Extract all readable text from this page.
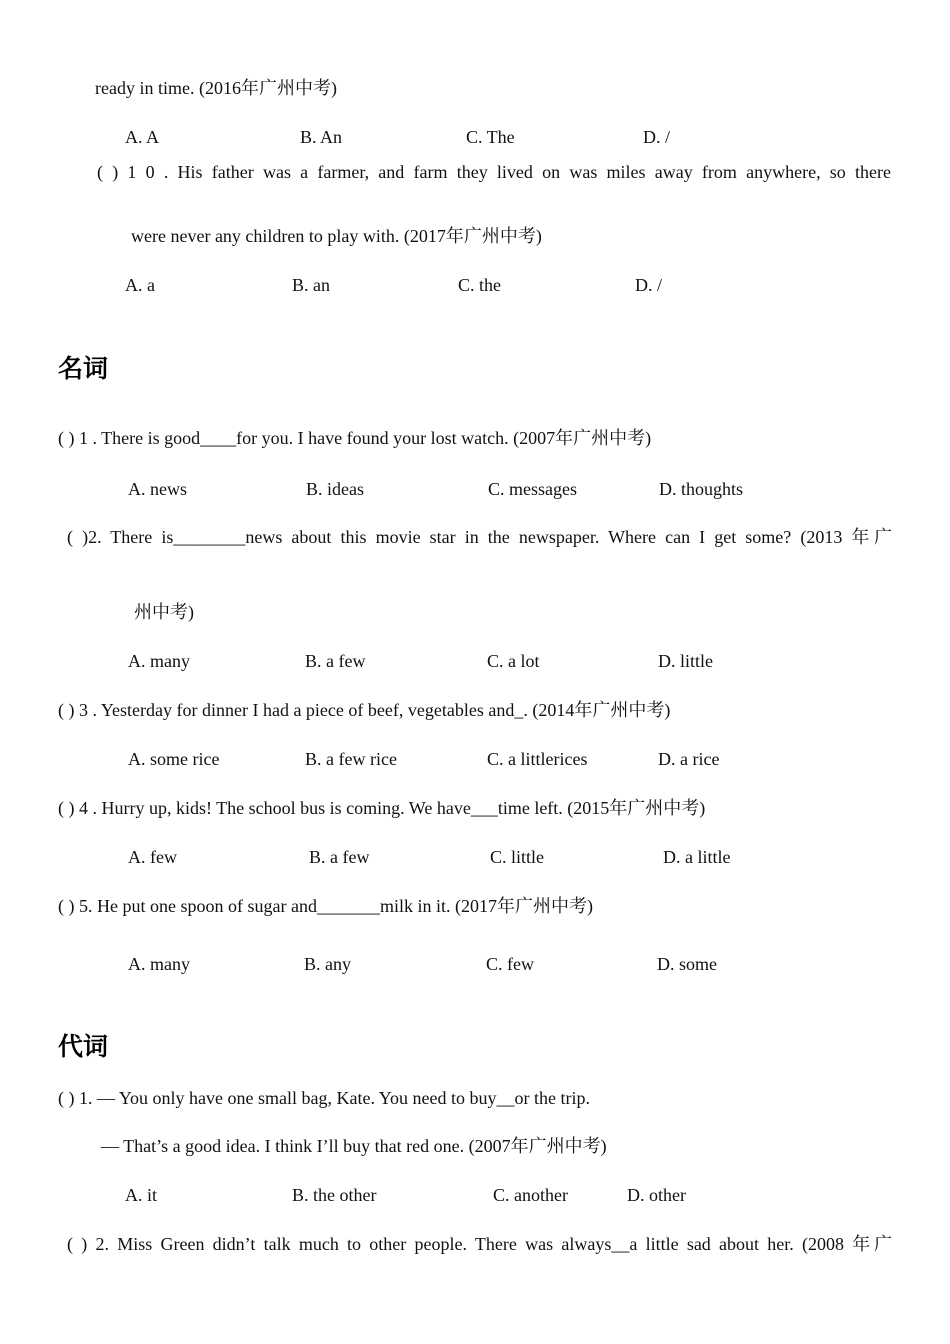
ready in time. (2016年广州中考)
A. A	B. An	C. The	D. /
( ) 1 0 . His father was a farmer, and farm they lived on was miles away from anywhere, so there
were never any children to play with. (2017年广州中考)
A. a	B. an	C. the	D. /
名词
( ) 1 . There is good____for you. I have found your lost watch. (2007年广州中考)
A. news	B. ideas	C. messages	D. thoughts
( )2. There is________news about this movie star in the newspaper. Where can I get some? (2013 年广
州中考)
A. many	B. a few	C. a lot	D. little
( ) 3 . Yesterday for dinner I had a piece of beef, vegetables and_. (2014年广州中考)
A. some rice	B. a few rice	C. a littlerices	D. a rice
( ) 4 . Hurry up, kids! The school bus is coming. We have___time left. (2015年广州中考)
A. few	B. a few	C. little	D. a little
( ) 5. He put one spoon of sugar and_______milk in it. (2017年广州中考)
A. many	B. any	C. few	D. some
代词
( ) 1. — You only have one small bag, Kate. You need to buy__or the trip.
— That’s a good idea. I think I’ll buy that red one. (2007年广州中考)
A. it	B. the other	C. another	D. other
( ) 2. Miss Green didn’t talk much to other people. There was always__a little sad about her. (2008 年广
